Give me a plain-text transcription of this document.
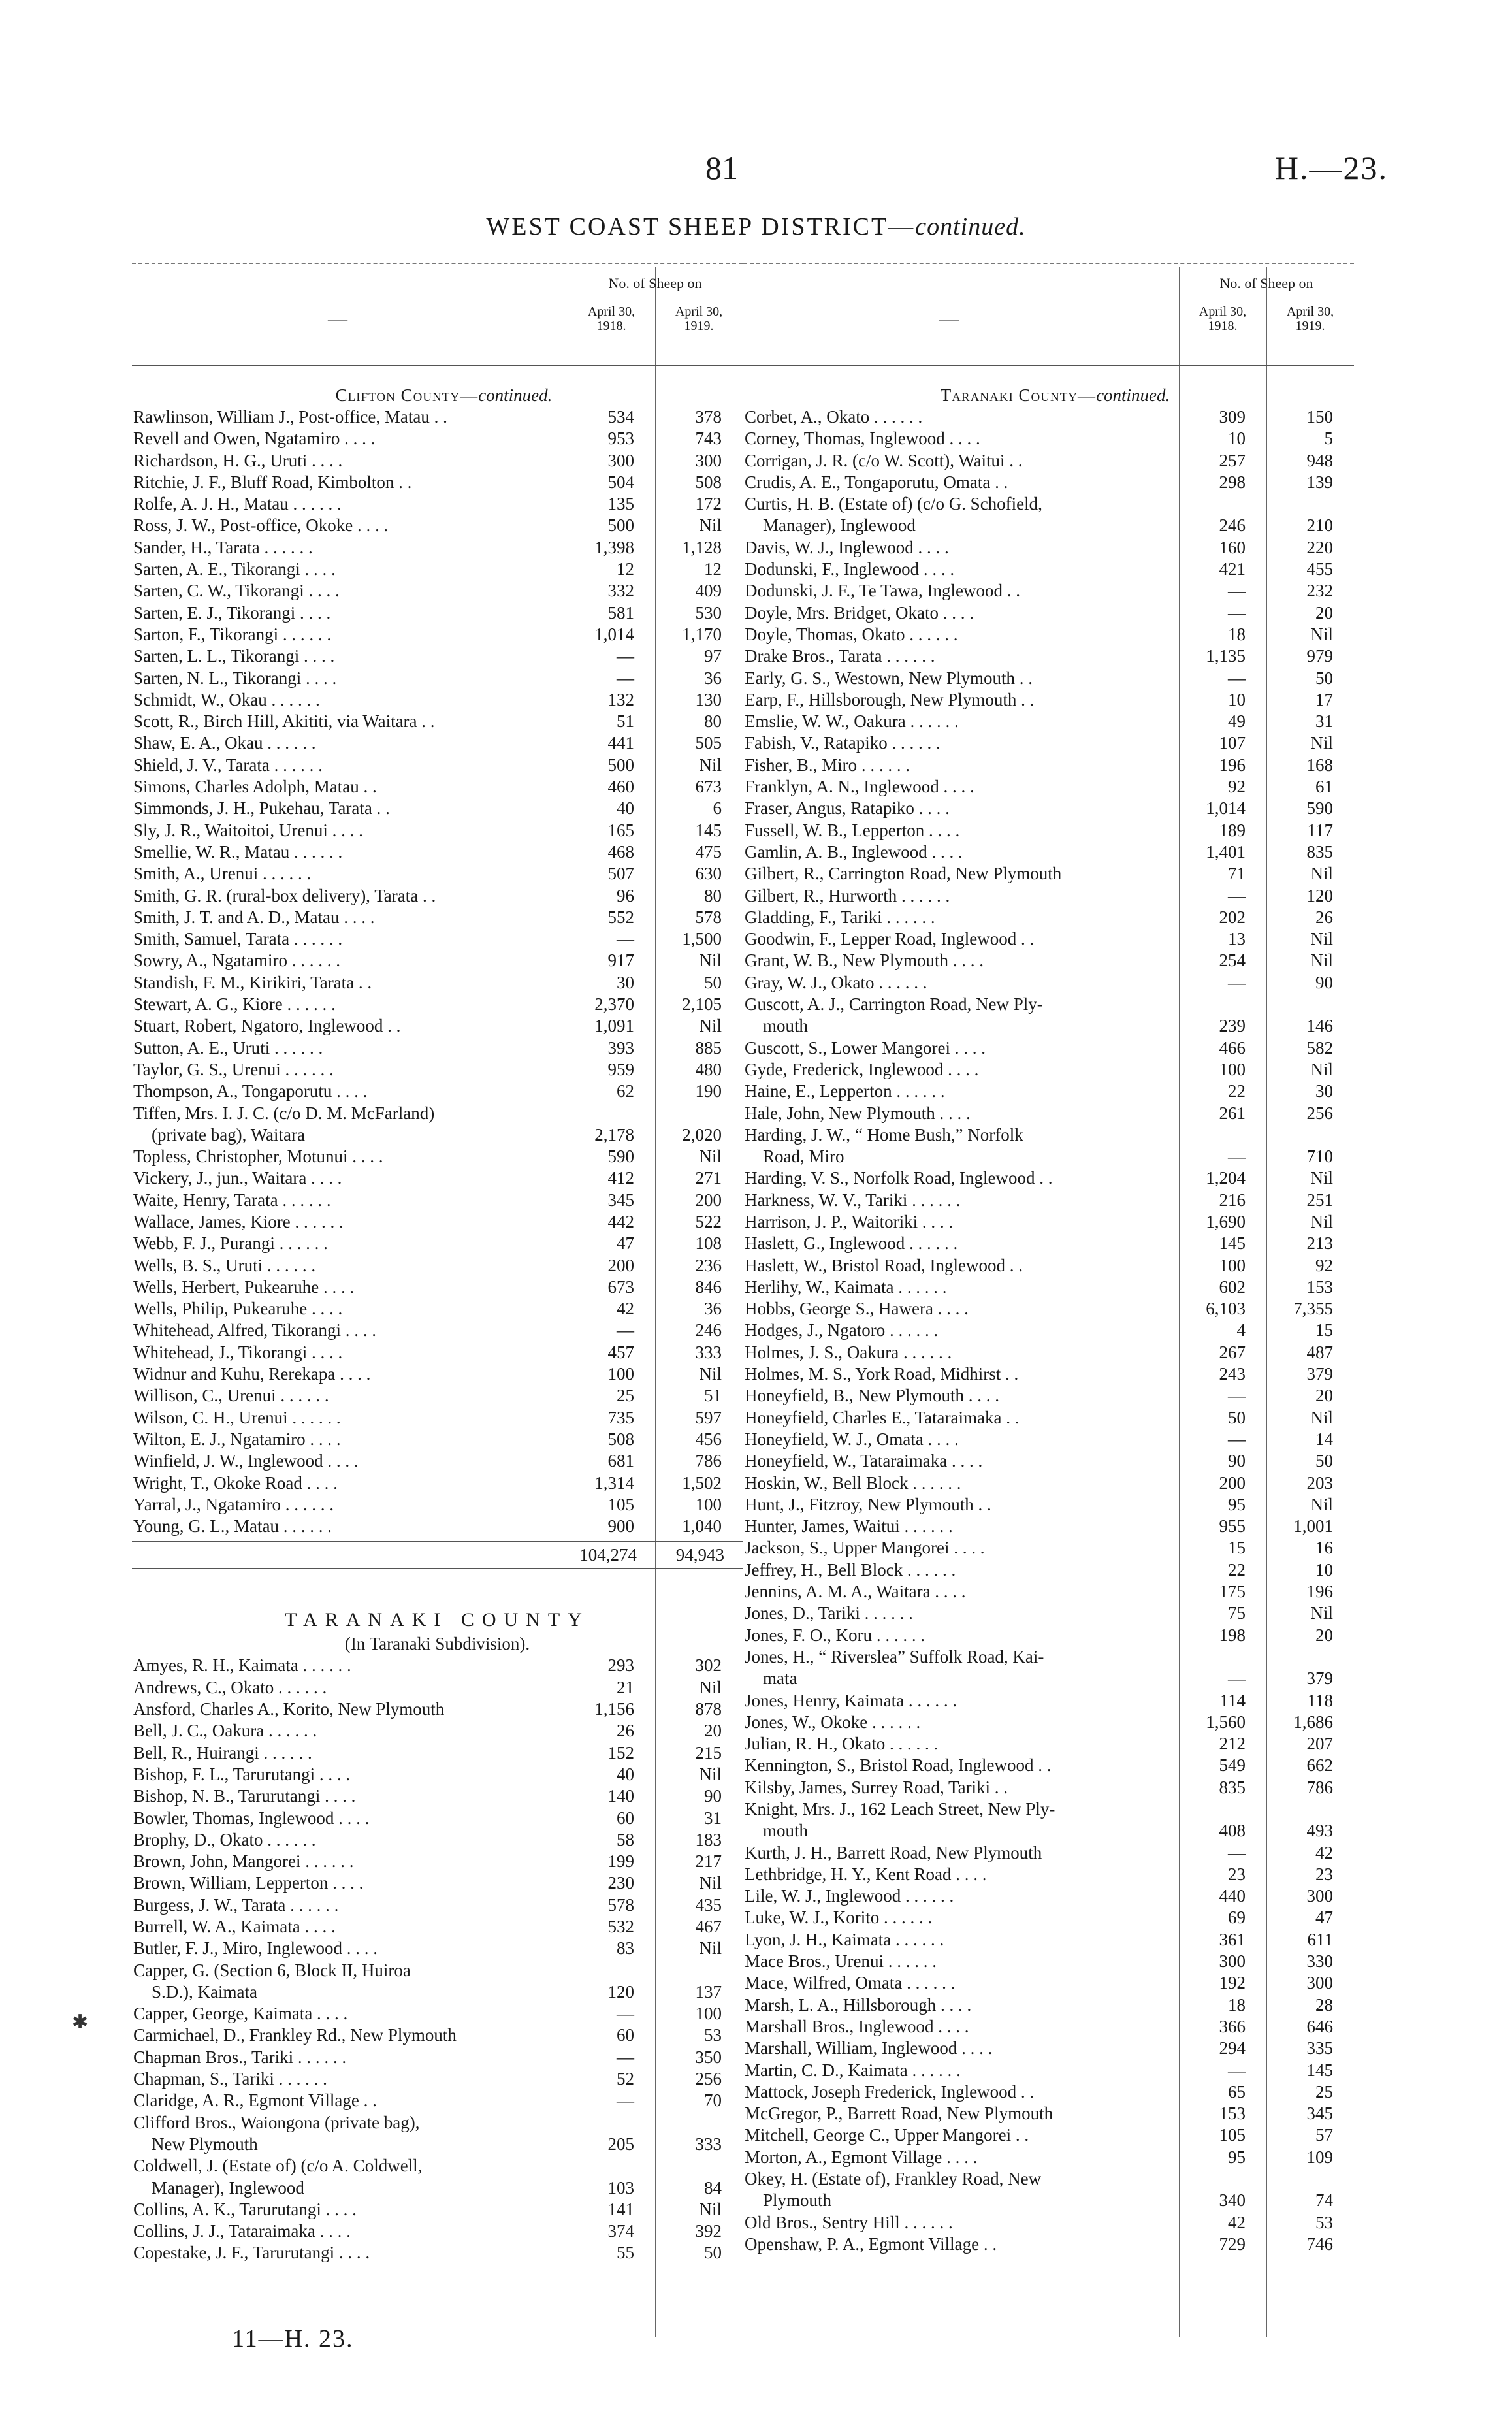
81	H.—23.
WEST COAST SHEEP DISTRICT—continued.
—
No. of Sheep on
April 30,
1918.
April 30,
1919.
Clifton County—continued.
Rawlinson, William J., Post-office, Matau . .	534	378
Revell and Owen, Ngatamiro . . . .	953	743
Richardson, H. G., Uruti . . . .	300	300
Ritchie, J. F., Bluff Road, Kimbolton . .	504	508
Rolfe, A. J. H., Matau . . . . . .	135	172
Ross, J. W., Post-office, Okoke . . . .	500	Nil
Sander, H., Tarata . . . . . .	1,398	1,128
Sarten, A. E., Tikorangi . . . .	12	12
Sarten, C. W., Tikorangi . . . .	332	409
Sarten, E. J., Tikorangi . . . .	581	530
Sarton, F., Tikorangi . . . . . .	1,014	1,170
Sarten, L. L., Tikorangi . . . .	—	97
Sarten, N. L., Tikorangi . . . .	—	36
Schmidt, W., Okau . . . . . .	132	130
Scott, R., Birch Hill, Akititi, via Waitara . .	51	80
Shaw, E. A., Okau . . . . . .	441	505
Shield, J. V., Tarata . . . . . .	500	Nil
Simons, Charles Adolph, Matau . .	460	673
Simmonds, J. H., Pukehau, Tarata . .	40	6
Sly, J. R., Waitoitoi, Urenui . . . .	165	145
Smellie, W. R., Matau . . . . . .	468	475
Smith, A., Urenui . . . . . .	507	630
Smith, G. R. (rural-box delivery), Tarata . .	96	80
Smith, J. T. and A. D., Matau . . . .	552	578
Smith, Samuel, Tarata . . . . . .	—	1,500
Sowry, A., Ngatamiro . . . . . .	917	Nil
Standish, F. M., Kirikiri, Tarata . .	30	50
Stewart, A. G., Kiore . . . . . .	2,370	2,105
Stuart, Robert, Ngatoro, Inglewood . .	1,091	Nil
Sutton, A. E., Uruti . . . . . .	393	885
Taylor, G. S., Urenui . . . . . .	959	480
Thompson, A., Tongaporutu . . . .	62	190
Tiffen, Mrs. I. J. C. (c/o D. M. McFarland)
(private bag), Waitara	2,178	2,020
Topless, Christopher, Motunui . . . .	590	Nil
Vickery, J., jun., Waitara . . . .	412	271
Waite, Henry, Tarata . . . . . .	345	200
Wallace, James, Kiore . . . . . .	442	522
Webb, F. J., Purangi . . . . . .	47	108
Wells, B. S., Uruti . . . . . .	200	236
Wells, Herbert, Pukearuhe . . . .	673	846
Wells, Philip, Pukearuhe . . . .	42	36
Whitehead, Alfred, Tikorangi . . . .	—	246
Whitehead, J., Tikorangi . . . .	457	333
Widnur and Kuhu, Rerekapa . . . .	100	Nil
Willison, C., Urenui . . . . . .	25	51
Wilson, C. H., Urenui . . . . . .	735	597
Wilton, E. J., Ngatamiro . . . .	508	456
Winfield, J. W., Inglewood . . . .	681	786
Wright, T., Okoke Road . . . .	1,314	1,502
Yarral, J., Ngatamiro . . . . . .	105	100
Young, G. L., Matau . . . . . .	900	1,040
104,274	94,943
TARANAKI COUNTY
(In Taranaki Subdivision).
Amyes, R. H., Kaimata . . . . . .	293	302
Andrews, C., Okato . . . . . .	21	Nil
Ansford, Charles A., Korito, New Plymouth	1,156	878
Bell, J. C., Oakura . . . . . .	26	20
Bell, R., Huirangi . . . . . .	152	215
Bishop, F. L., Tarurutangi . . . .	40	Nil
Bishop, N. B., Tarurutangi . . . .	140	90
Bowler, Thomas, Inglewood . . . .	60	31
Brophy, D., Okato . . . . . .	58	183
Brown, John, Mangorei . . . . . .	199	217
Brown, William, Lepperton . . . .	230	Nil
Burgess, J. W., Tarata . . . . . .	578	435
Burrell, W. A., Kaimata . . . .	532	467
Butler, F. J., Miro, Inglewood . . . .	83	Nil
Capper, G. (Section 6, Block II, Huiroa
S.D.), Kaimata	120	137
Capper, George, Kaimata . . . .	—	100
Carmichael, D., Frankley Rd., New Plymouth	60	53
Chapman Bros., Tariki . . . . . .	—	350
Chapman, S., Tariki . . . . . .	52	256
Claridge, A. R., Egmont Village . .	—	70
Clifford Bros., Waiongona (private bag),
New Plymouth	205	333
Coldwell, J. (Estate of) (c/o A. Coldwell,
Manager), Inglewood	103	84
Collins, A. K., Tarurutangi . . . .	141	Nil
Collins, J. J., Tataraimaka . . . .	374	392
Copestake, J. F., Tarurutangi . . . .	55	50
—
No. of Sheep on
April 30,
1918.
April 30,
1919.
Taranaki County—continued.
Corbet, A., Okato . . . . . .	309	150
Corney, Thomas, Inglewood . . . .	10	5
Corrigan, J. R. (c/o W. Scott), Waitui . .	257	948
Crudis, A. E., Tongaporutu, Omata . .	298	139
Curtis, H. B. (Estate of) (c/o G. Schofield,
Manager), Inglewood	246	210
Davis, W. J., Inglewood . . . .	160	220
Dodunski, F., Inglewood . . . .	421	455
Dodunski, J. F., Te Tawa, Inglewood . .	—	232
Doyle, Mrs. Bridget, Okato . . . .	—	20
Doyle, Thomas, Okato . . . . . .	18	Nil
Drake Bros., Tarata . . . . . .	1,135	979
Early, G. S., Westown, New Plymouth . .	—	50
Earp, F., Hillsborough, New Plymouth . .	10	17
Emslie, W. W., Oakura . . . . . .	49	31
Fabish, V., Ratapiko . . . . . .	107	Nil
Fisher, B., Miro . . . . . .	196	168
Franklyn, A. N., Inglewood . . . .	92	61
Fraser, Angus, Ratapiko . . . .	1,014	590
Fussell, W. B., Lepperton . . . .	189	117
Gamlin, A. B., Inglewood . . . .	1,401	835
Gilbert, R., Carrington Road, New Plymouth	71	Nil
Gilbert, R., Hurworth . . . . . .	—	120
Gladding, F., Tariki . . . . . .	202	26
Goodwin, F., Lepper Road, Inglewood . .	13	Nil
Grant, W. B., New Plymouth . . . .	254	Nil
Gray, W. J., Okato . . . . . .	—	90
Guscott, A. J., Carrington Road, New Ply-
mouth	239	146
Guscott, S., Lower Mangorei . . . .	466	582
Gyde, Frederick, Inglewood . . . .	100	Nil
Haine, E., Lepperton . . . . . .	22	30
Hale, John, New Plymouth . . . .	261	256
Harding, J. W., “ Home Bush,” Norfolk
Road, Miro	—	710
Harding, V. S., Norfolk Road, Inglewood . .	1,204	Nil
Harkness, W. V., Tariki . . . . . .	216	251
Harrison, J. P., Waitoriki . . . .	1,690	Nil
Haslett, G., Inglewood . . . . . .	145	213
Haslett, W., Bristol Road, Inglewood . .	100	92
Herlihy, W., Kaimata . . . . . .	602	153
Hobbs, George S., Hawera . . . .	6,103	7,355
Hodges, J., Ngatoro . . . . . .	4	15
Holmes, J. S., Oakura . . . . . .	267	487
Holmes, M. S., York Road, Midhirst . .	243	379
Honeyfield, B., New Plymouth . . . .	—	20
Honeyfield, Charles E., Tataraimaka . .	50	Nil
Honeyfield, W. J., Omata . . . .	—	14
Honeyfield, W., Tataraimaka . . . .	90	50
Hoskin, W., Bell Block . . . . . .	200	203
Hunt, J., Fitzroy, New Plymouth . .	95	Nil
Hunter, James, Waitui . . . . . .	955	1,001
Jackson, S., Upper Mangorei . . . .	15	16
Jeffrey, H., Bell Block . . . . . .	22	10
Jennins, A. M. A., Waitara . . . .	175	196
Jones, D., Tariki . . . . . .	75	Nil
Jones, F. O., Koru . . . . . .	198	20
Jones, H., “ Riverslea” Suffolk Road, Kai-
mata	—	379
Jones, Henry, Kaimata . . . . . .	114	118
Jones, W., Okoke . . . . . .	1,560	1,686
Julian, R. H., Okato . . . . . .	212	207
Kennington, S., Bristol Road, Inglewood . .	549	662
Kilsby, James, Surrey Road, Tariki . .	835	786
Knight, Mrs. J., 162 Leach Street, New Ply-
mouth	408	493
Kurth, J. H., Barrett Road, New Plymouth	—	42
Lethbridge, H. Y., Kent Road . . . .	23	23
Lile, W. J., Inglewood . . . . . .	440	300
Luke, W. J., Korito . . . . . .	69	47
Lyon, J. H., Kaimata . . . . . .	361	611
Mace Bros., Urenui . . . . . .	300	330
Mace, Wilfred, Omata . . . . . .	192	300
Marsh, L. A., Hillsborough . . . .	18	28
Marshall Bros., Inglewood . . . .	366	646
Marshall, William, Inglewood . . . .	294	335
Martin, C. D., Kaimata . . . . . .	—	145
Mattock, Joseph Frederick, Inglewood . .	65	25
McGregor, P., Barrett Road, New Plymouth	153	345
Mitchell, George C., Upper Mangorei . .	105	57
Morton, A., Egmont Village . . . .	95	109
Okey, H. (Estate of), Frankley Road, New
Plymouth	340	74
Old Bros., Sentry Hill . . . . . .	42	53
Openshaw, P. A., Egmont Village . .	729	746
11—H. 23.
✱
